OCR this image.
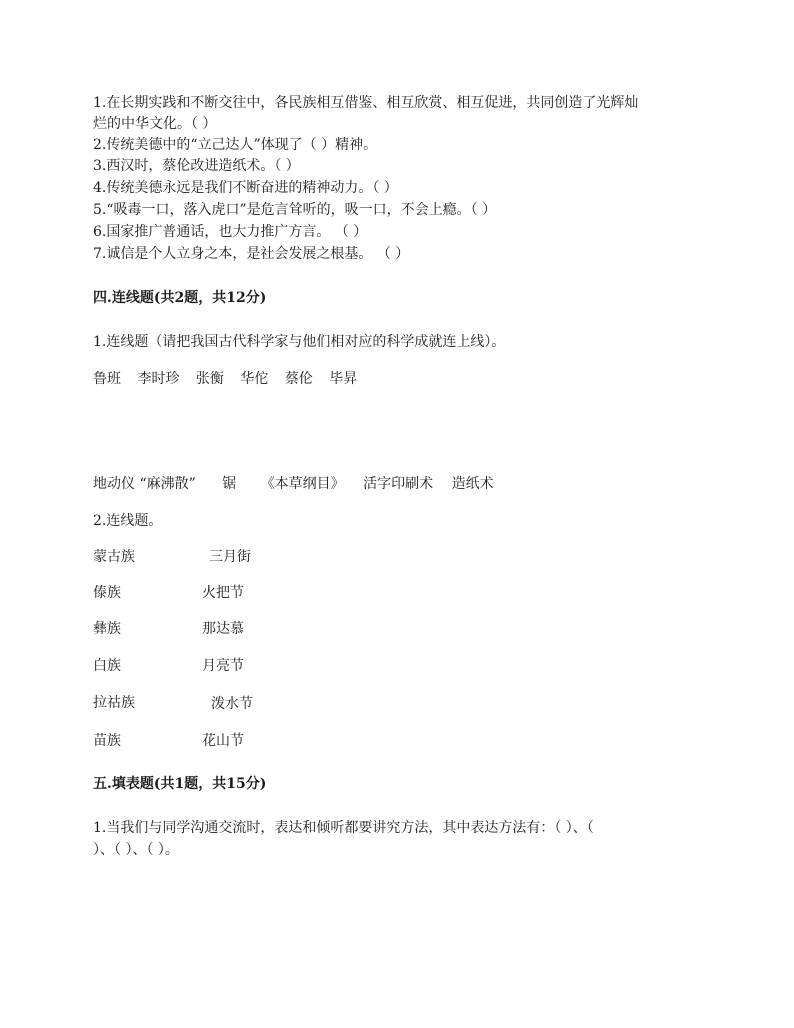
1.在长期实践和不断交往中，各民族相互借鉴、相互欣赏、相互促进，共同创造了光辉灿
烂的中华文化。（ ）
2.传统美德中的“立己达人”体现了（ ）精神。
3.西汉时，蔡伦改进造纸术。（ ）
4.传统美德永远是我们不断奋进的精神动力。（ ）
5.“吸毒一口，落入虎口”是危言耸听的，吸一口，不会上瘾。（ ）
6.国家推广普通话，也大力推广方言。 （ ）
7.诚信是个人立身之本，是社会发展之根基。 （ ）
四.连线题(共2题，共12分)
1.连线题（请把我国古代科学家与他们相对应的科学成就连上线）。
鲁班 李时珍 张衡 华佗 蔡伦 毕昇
地动仪 “麻沸散” 锯 《本草纲目》 活字印刷术 造纸术
2.连线题。
蒙古族	三月街
傣族	火把节
彝族	那达慕
白族	月亮节
拉祜族	泼水节
苗族	花山节
五.填表题(共1题，共15分)
1.当我们与同学沟通交流时，表达和倾听都要讲究方法，其中表达方法有：（ ）、（
）、（ ）、（ ）。
